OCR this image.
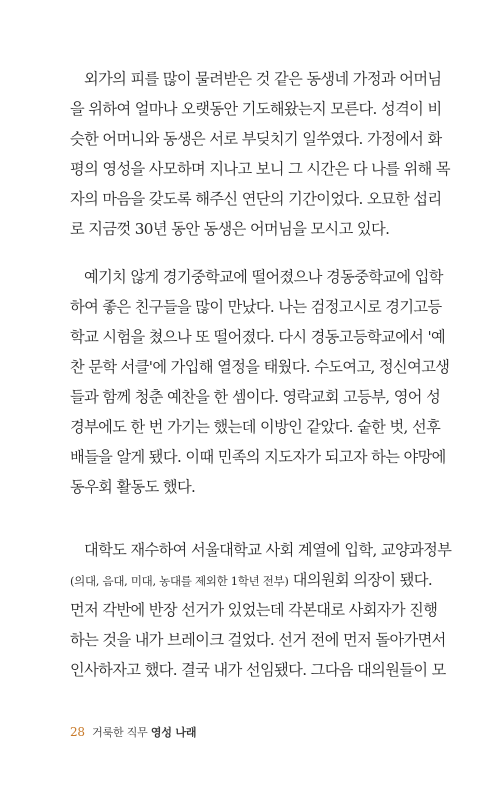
외가의 피를 많이 물려받은 것 같은 동생네 가정과 어머님
을 위하여 얼마나 오랫동안 기도해왔는지 모른다. 성격이 비
슷한 어머니와 동생은 서로 부딪치기 일쑤였다. 가정에서 화
평의 영성을 사모하며 지나고 보니 그 시간은 다 나를 위해 목
자의 마음을 갖도록 해주신 연단의 기간이었다. 오묘한 섭리
로 지금껏 30년 동안 동생은 어머님을 모시고 있다.
예기치 않게 경기중학교에 떨어졌으나 경동중학교에 입학
하여 좋은 친구들을 많이 만났다. 나는 검정고시로 경기고등
학교 시험을 쳤으나 또 떨어졌다. 다시 경동고등학교에서 '예
찬 문학 서클'에 가입해 열정을 태웠다. 수도여고, 정신여고생
들과 함께 청춘 예찬을 한 셈이다. 영락교회 고등부, 영어 성
경부에도 한 번 가기는 했는데 이방인 같았다. 숱한 벗, 선후
배들을 알게 됐다. 이때 민족의 지도자가 되고자 하는 야망에
동우회 활동도 했다.
대학도 재수하여 서울대학교 사회 계열에 입학, 교양과정부
(의대, 음대, 미대, 농대를 제외한 1학년 전부) 대의원회 의장이 됐다.
먼저 각반에 반장 선거가 있었는데 각본대로 사회자가 진행
하는 것을 내가 브레이크 걸었다. 선거 전에 먼저 돌아가면서
인사하자고 했다. 결국 내가 선임됐다. 그다음 대의원들이 모
28 거룩한 직무 영성 나래
